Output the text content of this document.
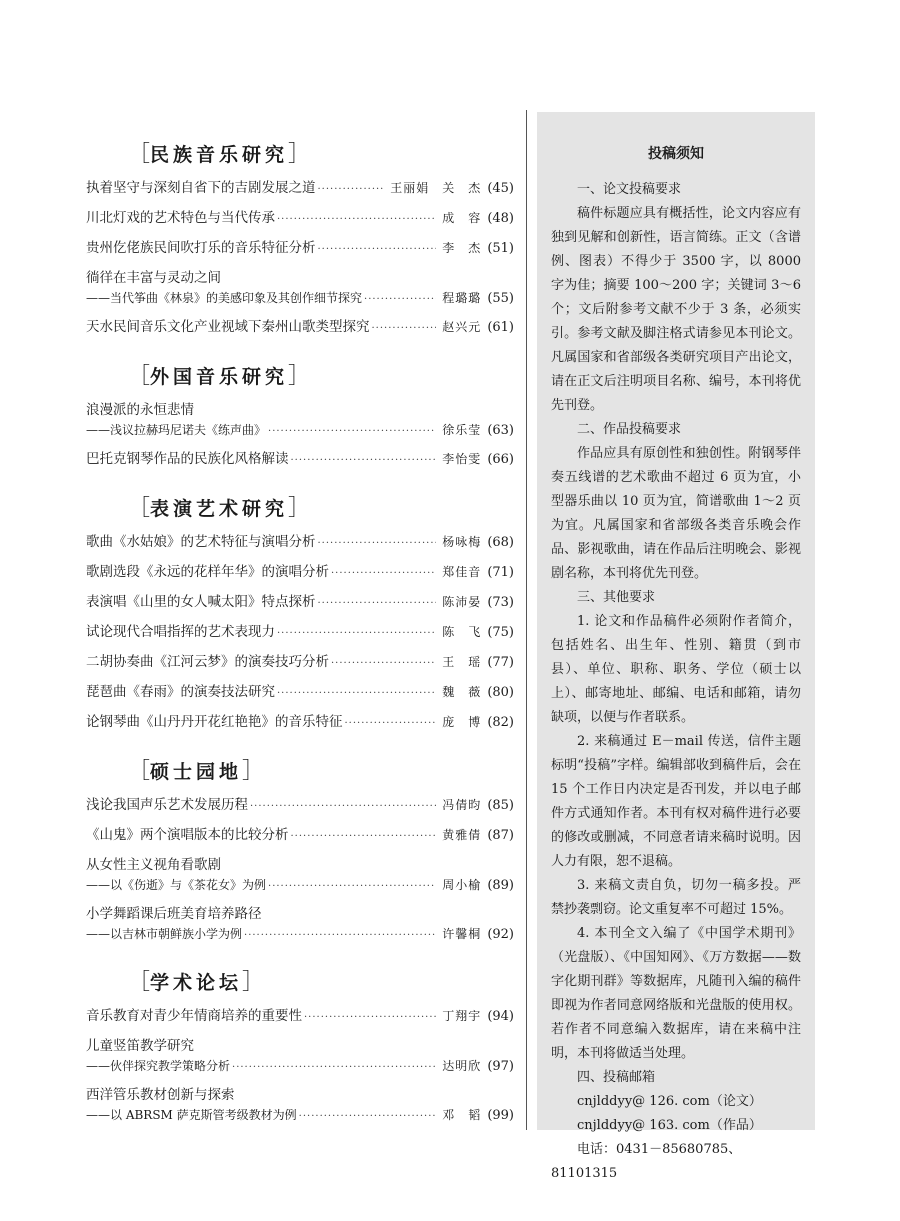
［民族音乐研究］
执着坚守与深刻自省下的吉剧发展之道 ·····	王丽娟　关　杰 (45)
川北灯戏的艺术特色与当代传承 ·····	成　容 (48)
贵州仡佬族民间吹打乐的音乐特征分析 ·····	李　杰 (51)
徜徉在丰富与灵动之间
——当代筝曲《林泉》的美感印象及其创作细节探究 ·····	程璐璐 (55)
天水民间音乐文化产业视域下秦州山歌类型探究 ·····	赵兴元 (61)
［外国音乐研究］
浪漫派的永恒悲情
——浅议拉赫玛尼诺夫《练声曲》 ·····	徐乐莹 (63)
巴托克钢琴作品的民族化风格解读 ·····	李怡雯 (66)
［表演艺术研究］
歌曲《水姑娘》的艺术特征与演唱分析 ·····	杨咏梅 (68)
歌剧选段《永远的花样年华》的演唱分析 ·····	郑佳音 (71)
表演唱《山里的女人喊太阳》特点探析 ·····	陈沛晏 (73)
试论现代合唱指挥的艺术表现力 ·····	陈　飞 (75)
二胡协奏曲《江河云梦》的演奏技巧分析 ·····	王　瑶 (77)
琵琶曲《春雨》的演奏技法研究 ·····	魏　薇 (80)
论钢琴曲《山丹丹开花红艳艳》的音乐特征 ·····	庞　博 (82)
［硕士园地］
浅论我国声乐艺术发展历程 ·····	冯倩昀 (85)
《山鬼》两个演唱版本的比较分析 ·····	黄雅倩 (87)
从女性主义视角看歌剧
——以《伤逝》与《茶花女》为例 ·····	周小榆 (89)
小学舞蹈课后班美育培养路径
——以吉林市朝鲜族小学为例 ·····	许馨桐 (92)
［学术论坛］
音乐教育对青少年情商培养的重要性 ·····	丁翔宇 (94)
儿童竖笛教学研究
——伙伴探究教学策略分析 ·····	达明欣 (97)
西洋管乐教材创新与探索
——以 ABRSM 萨克斯管考级教材为例 ·····	邓　韬 (99)
投稿须知
一、论文投稿要求
稿件标题应具有概括性，论文内容应有独到见解和创新性，语言简练。正文（含谱例、图表）不得少于 3500 字，以 8000 字为佳；摘要 100～200 字；关键词 3～6 个；文后附参考文献不少于 3 条，必须实引。参考文献及脚注格式请参见本刊论文。凡属国家和省部级各类研究项目产出论文，请在正文后注明项目名称、编号，本刊将优先刊登。
二、作品投稿要求
作品应具有原创性和独创性。附钢琴伴奏五线谱的艺术歌曲不超过 6 页为宜，小型器乐曲以 10 页为宜，简谱歌曲 1～2 页为宜。凡属国家和省部级各类音乐晚会作品、影视歌曲，请在作品后注明晚会、影视剧名称，本刊将优先刊登。
三、其他要求
1. 论文和作品稿件必须附作者简介，包括姓名、出生年、性别、籍贯（到市县）、单位、职称、职务、学位（硕士以上）、邮寄地址、邮编、电话和邮箱，请勿缺项，以便与作者联系。
2. 来稿通过 E－mail 传送，信件主题标明“投稿”字样。编辑部收到稿件后，会在 15 个工作日内决定是否刊发，并以电子邮件方式通知作者。本刊有权对稿件进行必要的修改或删减，不同意者请来稿时说明。因人力有限，恕不退稿。
3. 来稿文责自负，切勿一稿多投。严禁抄袭剽窃。论文重复率不可超过 15%。
4. 本刊全文入编了《中国学术期刊》（光盘版）、《中国知网》、《万方数据——数字化期刊群》等数据库，凡随刊入编的稿件即视为作者同意网络版和光盘版的使用权。若作者不同意编入数据库，请在来稿中注明，本刊将做适当处理。
四、投稿邮箱
cnjlddyy@ 126. com（论文）
cnjlddyy@ 163. com（作品）
电话：0431－85680785、81101315
